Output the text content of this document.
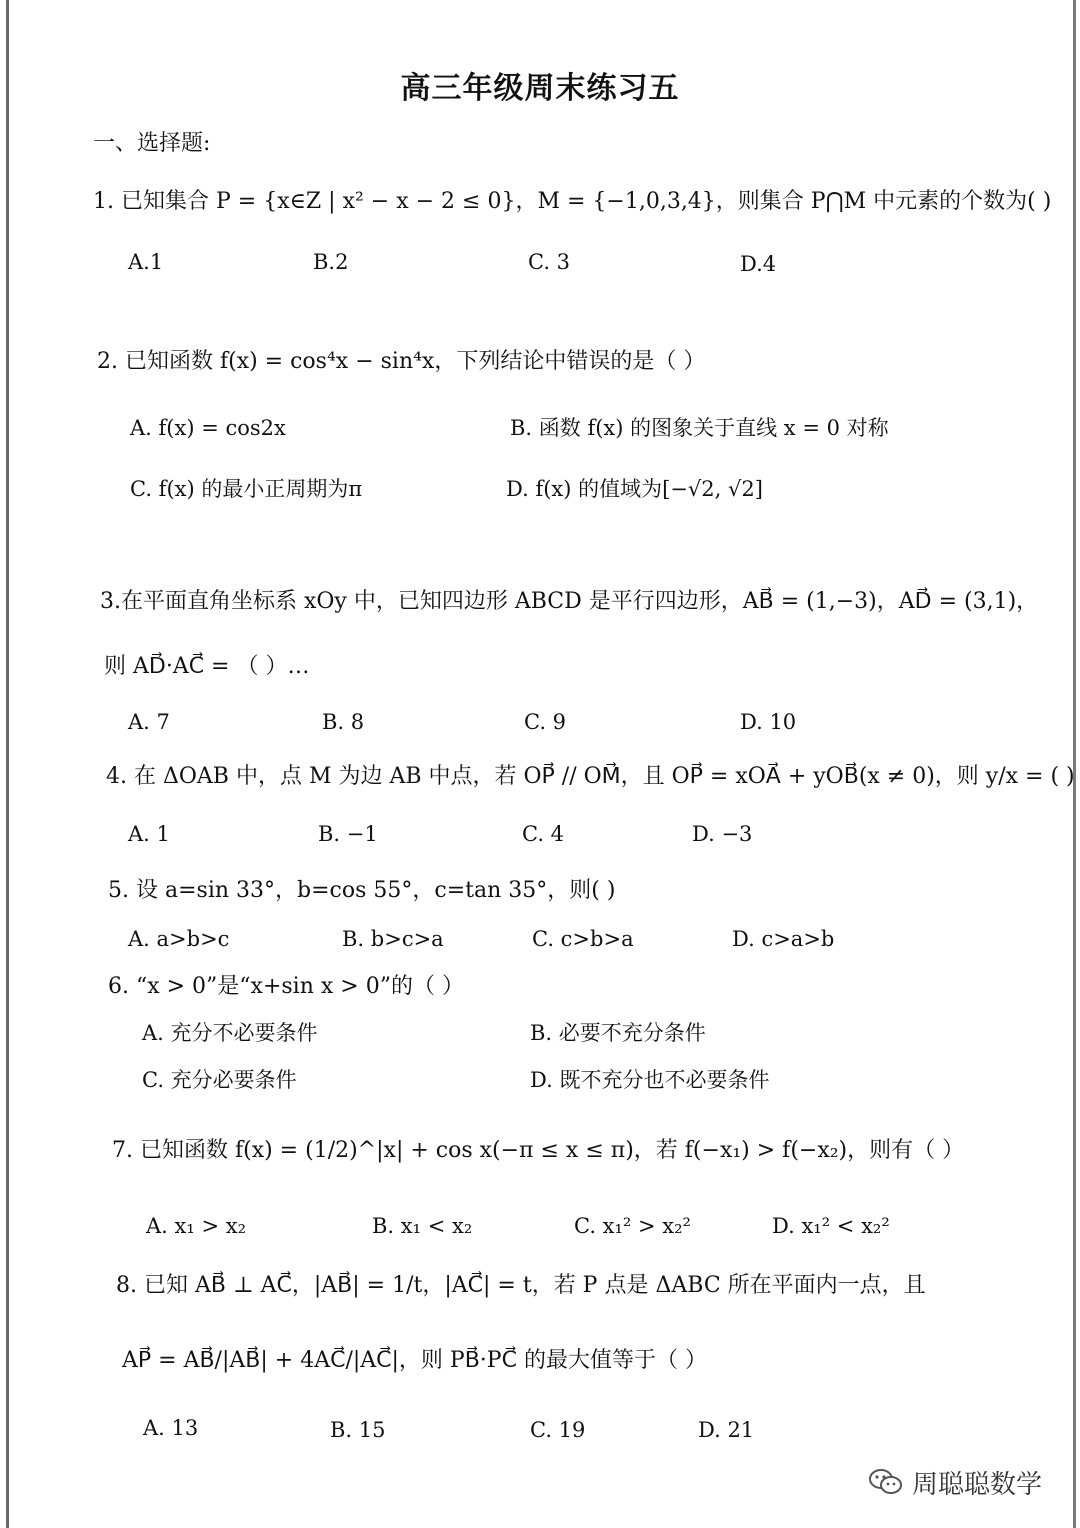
高三年级周末练习五
一、选择题:
1. 已知集合 P = {x∈Z | x² − x − 2 ≤ 0}，M = {−1,0,3,4}，则集合 P⋂M 中元素的个数为( )
A.1	B.2	C. 3	D.4
2. 已知函数 f(x) = cos⁴x − sin⁴x，下列结论中错误的是（ ）
A. f(x) = cos2x	B. 函数 f(x) 的图象关于直线 x = 0 对称
C. f(x) 的最小正周期为π	D. f(x) 的值域为[−√2, √2]
3.在平面直角坐标系 xOy 中，已知四边形 ABCD 是平行四边形，AB⃗ = (1,−3)，AD⃗ = (3,1)，
则 AD⃗·AC⃗ = （ ）…
A. 7	B. 8	C. 9	D. 10
4. 在 ΔOAB 中，点 M 为边 AB 中点，若 OP⃗ // OM⃗，且 OP⃗ = xOA⃗ + yOB⃗(x ≠ 0)，则 y/x = ( )
A. 1	B. −1	C. 4	D. −3
5. 设 a=sin 33°，b=cos 55°，c=tan 35°，则( )
A. a>b>c	B. b>c>a	C. c>b>a	D. c>a>b
6. “x > 0”是“x+sin x > 0”的（ ）
A. 充分不必要条件	B. 必要不充分条件
C. 充分必要条件	D. 既不充分也不必要条件
7. 已知函数 f(x) = (1/2)^|x| + cos x(−π ≤ x ≤ π)，若 f(−x₁) > f(−x₂)，则有（ ）
A. x₁ > x₂	B. x₁ < x₂	C. x₁² > x₂²	D. x₁² < x₂²
8. 已知 AB⃗ ⊥ AC⃗，|AB⃗| = 1/t，|AC⃗| = t，若 P 点是 ΔABC 所在平面内一点，且
AP⃗ = AB⃗/|AB⃗| + 4AC⃗/|AC⃗|，则 PB⃗·PC⃗ 的最大值等于（ ）
A. 13	B. 15	C. 19	D. 21
周聪聪数学
